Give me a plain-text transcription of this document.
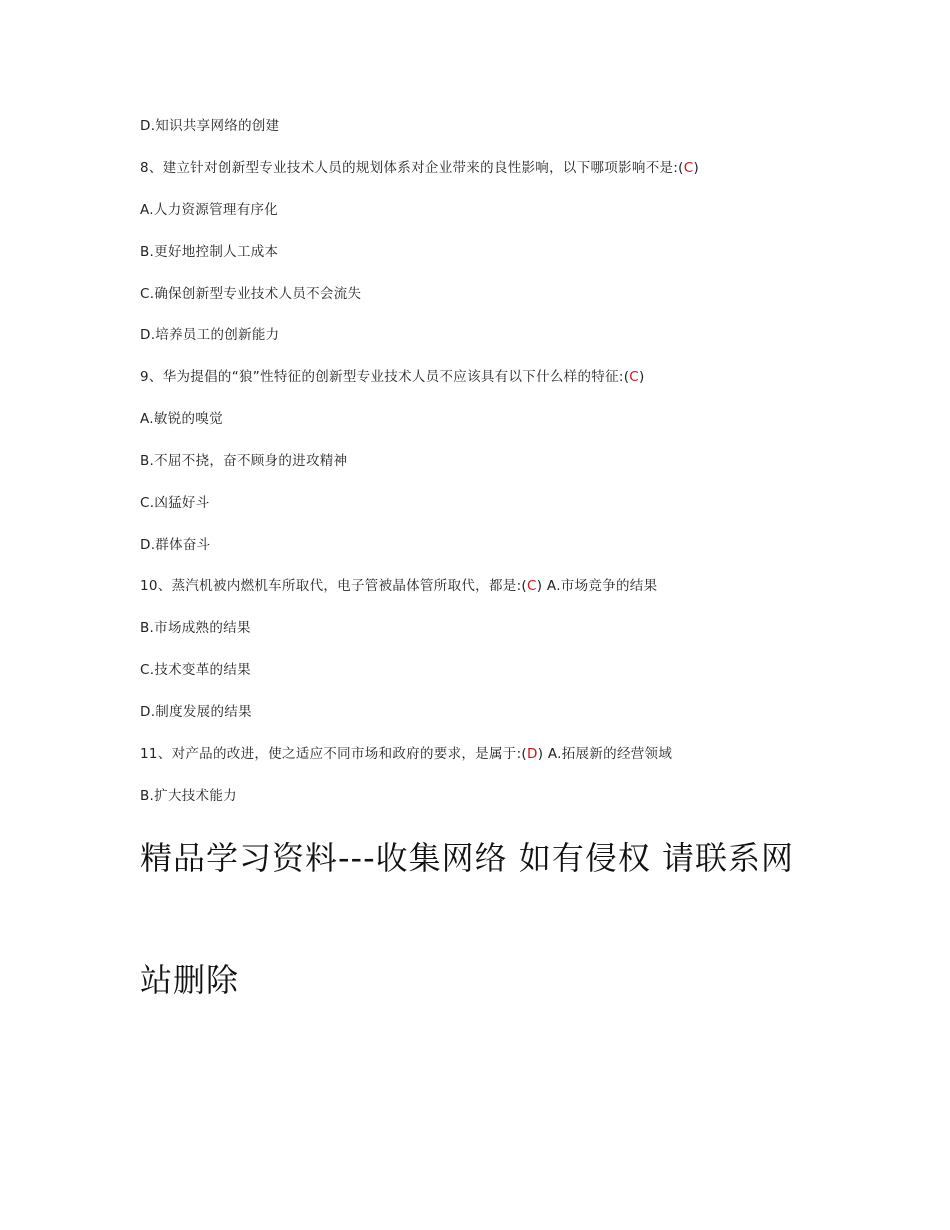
D.知识共享网络的创建
8、建立针对创新型专业技术人员的规划体系对企业带来的良性影响，以下哪项影响不是:(C)
A.人力资源管理有序化
B.更好地控制人工成本
C.确保创新型专业技术人员不会流失
D.培养员工的创新能力
9、华为提倡的“狼”性特征的创新型专业技术人员不应该具有以下什么样的特征:(C)
A.敏锐的嗅觉
B.不屈不挠，奋不顾身的进攻精神
C.凶猛好斗
D.群体奋斗
10、蒸汽机被内燃机车所取代，电子管被晶体管所取代，都是:(C) A.市场竞争的结果
B.市场成熟的结果
C.技术变革的结果
D.制度发展的结果
11、对产品的改进，使之适应不同市场和政府的要求，是属于:(D) A.拓展新的经营领域
B.扩大技术能力
精品学习资料---收集网络 如有侵权 请联系网
站删除
